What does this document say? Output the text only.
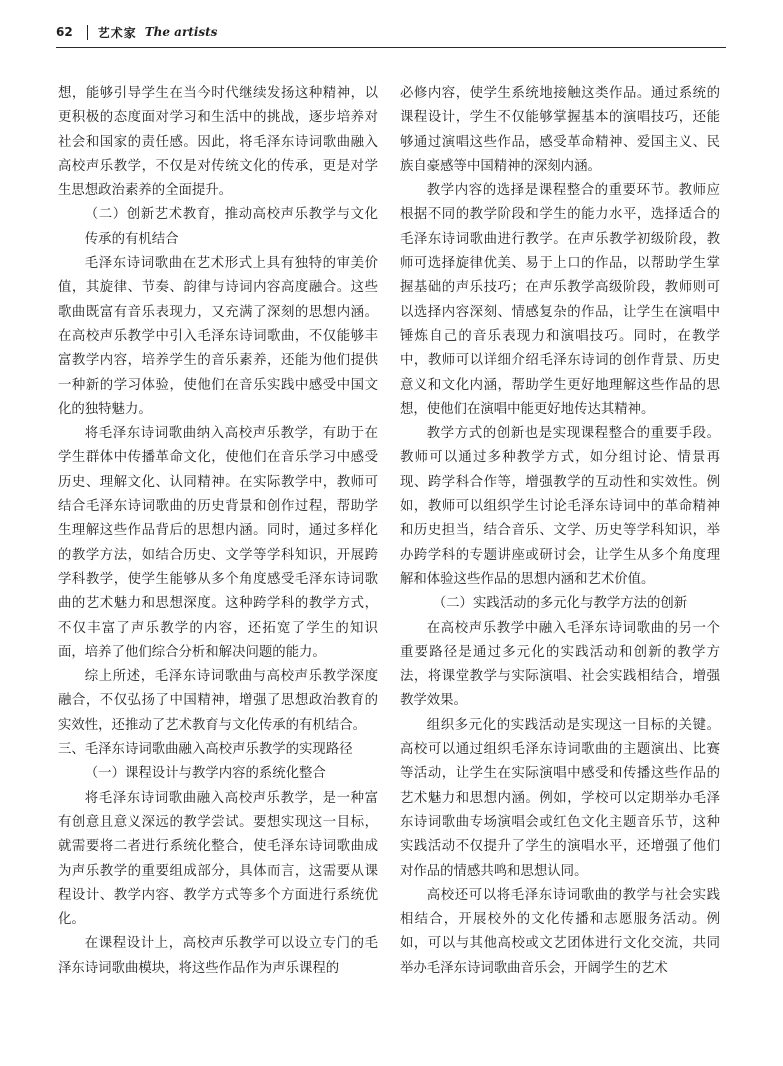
62 艺术家 The artists

想，能够引导学生在当今时代继续发扬这种精神，以更积极的态度面对学习和生活中的挑战，逐步培养对社会和国家的责任感。因此，将毛泽东诗词歌曲融入高校声乐教学，不仅是对传统文化的传承，更是对学生思想政治素养的全面提升。

（二）创新艺术教育，推动高校声乐教学与文化传承的有机结合

毛泽东诗词歌曲在艺术形式上具有独特的审美价值，其旋律、节奏、韵律与诗词内容高度融合。这些歌曲既富有音乐表现力，又充满了深刻的思想内涵。在高校声乐教学中引入毛泽东诗词歌曲，不仅能够丰富教学内容，培养学生的音乐素养，还能为他们提供一种新的学习体验，使他们在音乐实践中感受中国文化的独特魅力。

将毛泽东诗词歌曲纳入高校声乐教学，有助于在学生群体中传播革命文化，使他们在音乐学习中感受历史、理解文化、认同精神。在实际教学中，教师可结合毛泽东诗词歌曲的历史背景和创作过程，帮助学生理解这些作品背后的思想内涵。同时，通过多样化的教学方法，如结合历史、文学等学科知识，开展跨学科教学，使学生能够从多个角度感受毛泽东诗词歌曲的艺术魅力和思想深度。这种跨学科的教学方式，不仅丰富了声乐教学的内容，还拓宽了学生的知识面，培养了他们综合分析和解决问题的能力。

综上所述，毛泽东诗词歌曲与高校声乐教学深度融合，不仅弘扬了中国精神，增强了思想政治教育的实效性，还推动了艺术教育与文化传承的有机结合。

三、毛泽东诗词歌曲融入高校声乐教学的实现路径

（一）课程设计与教学内容的系统化整合

将毛泽东诗词歌曲融入高校声乐教学，是一种富有创意且意义深远的教学尝试。要想实现这一目标，就需要将二者进行系统化整合，使毛泽东诗词歌曲成为声乐教学的重要组成部分，具体而言，这需要从课程设计、教学内容、教学方式等多个方面进行系统优化。

在课程设计上，高校声乐教学可以设立专门的毛泽东诗词歌曲模块，将这些作品作为声乐课程的

必修内容，使学生系统地接触这类作品。通过系统的课程设计，学生不仅能够掌握基本的演唱技巧，还能够通过演唱这些作品，感受革命精神、爱国主义、民族自豪感等中国精神的深刻内涵。

教学内容的选择是课程整合的重要环节。教师应根据不同的教学阶段和学生的能力水平，选择适合的毛泽东诗词歌曲进行教学。在声乐教学初级阶段，教师可选择旋律优美、易于上口的作品，以帮助学生掌握基础的声乐技巧；在声乐教学高级阶段，教师则可以选择内容深刻、情感复杂的作品，让学生在演唱中锤炼自己的音乐表现力和演唱技巧。同时，在教学中，教师可以详细介绍毛泽东诗词的创作背景、历史意义和文化内涵，帮助学生更好地理解这些作品的思想，使他们在演唱中能更好地传达其精神。

教学方式的创新也是实现课程整合的重要手段。教师可以通过多种教学方式，如分组讨论、情景再现、跨学科合作等，增强教学的互动性和实效性。例如，教师可以组织学生讨论毛泽东诗词中的革命精神和历史担当，结合音乐、文学、历史等学科知识，举办跨学科的专题讲座或研讨会，让学生从多个角度理解和体验这些作品的思想内涵和艺术价值。

（二）实践活动的多元化与教学方法的创新

在高校声乐教学中融入毛泽东诗词歌曲的另一个重要路径是通过多元化的实践活动和创新的教学方法，将课堂教学与实际演唱、社会实践相结合，增强教学效果。

组织多元化的实践活动是实现这一目标的关键。高校可以通过组织毛泽东诗词歌曲的主题演出、比赛等活动，让学生在实际演唱中感受和传播这些作品的艺术魅力和思想内涵。例如，学校可以定期举办毛泽东诗词歌曲专场演唱会或红色文化主题音乐节，这种实践活动不仅提升了学生的演唱水平，还增强了他们对作品的情感共鸣和思想认同。

高校还可以将毛泽东诗词歌曲的教学与社会实践相结合，开展校外的文化传播和志愿服务活动。例如，可以与其他高校或文艺团体进行文化交流，共同举办毛泽东诗词歌曲音乐会，开阔学生的艺术
